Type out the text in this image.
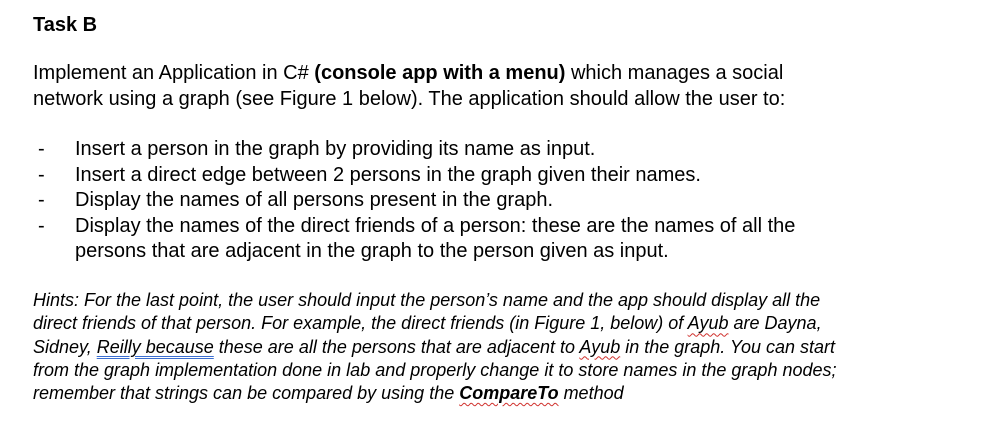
Task B
Implement an Application in C# (console app with a menu) which manages a social
network using a graph (see Figure 1 below). The application should allow the user to:
- Insert a person in the graph by providing its name as input.
- Insert a direct edge between 2 persons in the graph given their names.
- Display the names of all persons present in the graph.
- Display the names of the direct friends of a person: these are the names of all the
persons that are adjacent in the graph to the person given as input.
Hints: For the last point, the user should input the person’s name and the app should display all the
direct friends of that person. For example, the direct friends (in Figure 1, below) of Ayub are Dayna,
Sidney, Reilly because these are all the persons that are adjacent to Ayub in the graph. You can start
from the graph implementation done in lab and properly change it to store names in the graph nodes;
remember that strings can be compared by using the CompareTo method
